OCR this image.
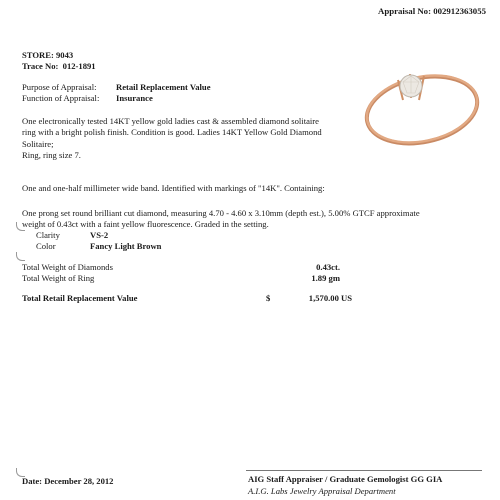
Appraisal No: 002912363055
STORE: 9043
Trace No: 012-1891
Purpose of Appraisal:	Retail Replacement Value
Function of Appraisal:	Insurance
One electronically tested 14KT yellow gold ladies cast & assembled diamond solitaire
ring with a bright polish finish. Condition is good. Ladies 14KT Yellow Gold Diamond
Solitaire;
Ring, ring size 7.
One and one-half millimeter wide band. Identified with markings of "14K". Containing:
One prong set round brilliant cut diamond, measuring 4.70 - 4.60 x 3.10mm (depth est.), 5.00% GTCF approximate
weight of 0.43ct with a faint yellow fluorescence. Graded in the setting.
Clarity	VS-2
Color	Fancy Light Brown
Total Weight of Diamonds	0.43ct.
Total Weight of Ring	1.89 gm
Total Retail Replacement Value	$	1,570.00 US
Date: December 28, 2012	AIG Staff Appraiser / Graduate Gemologist GG GIA
A.I.G. Labs Jewelry Appraisal Department
